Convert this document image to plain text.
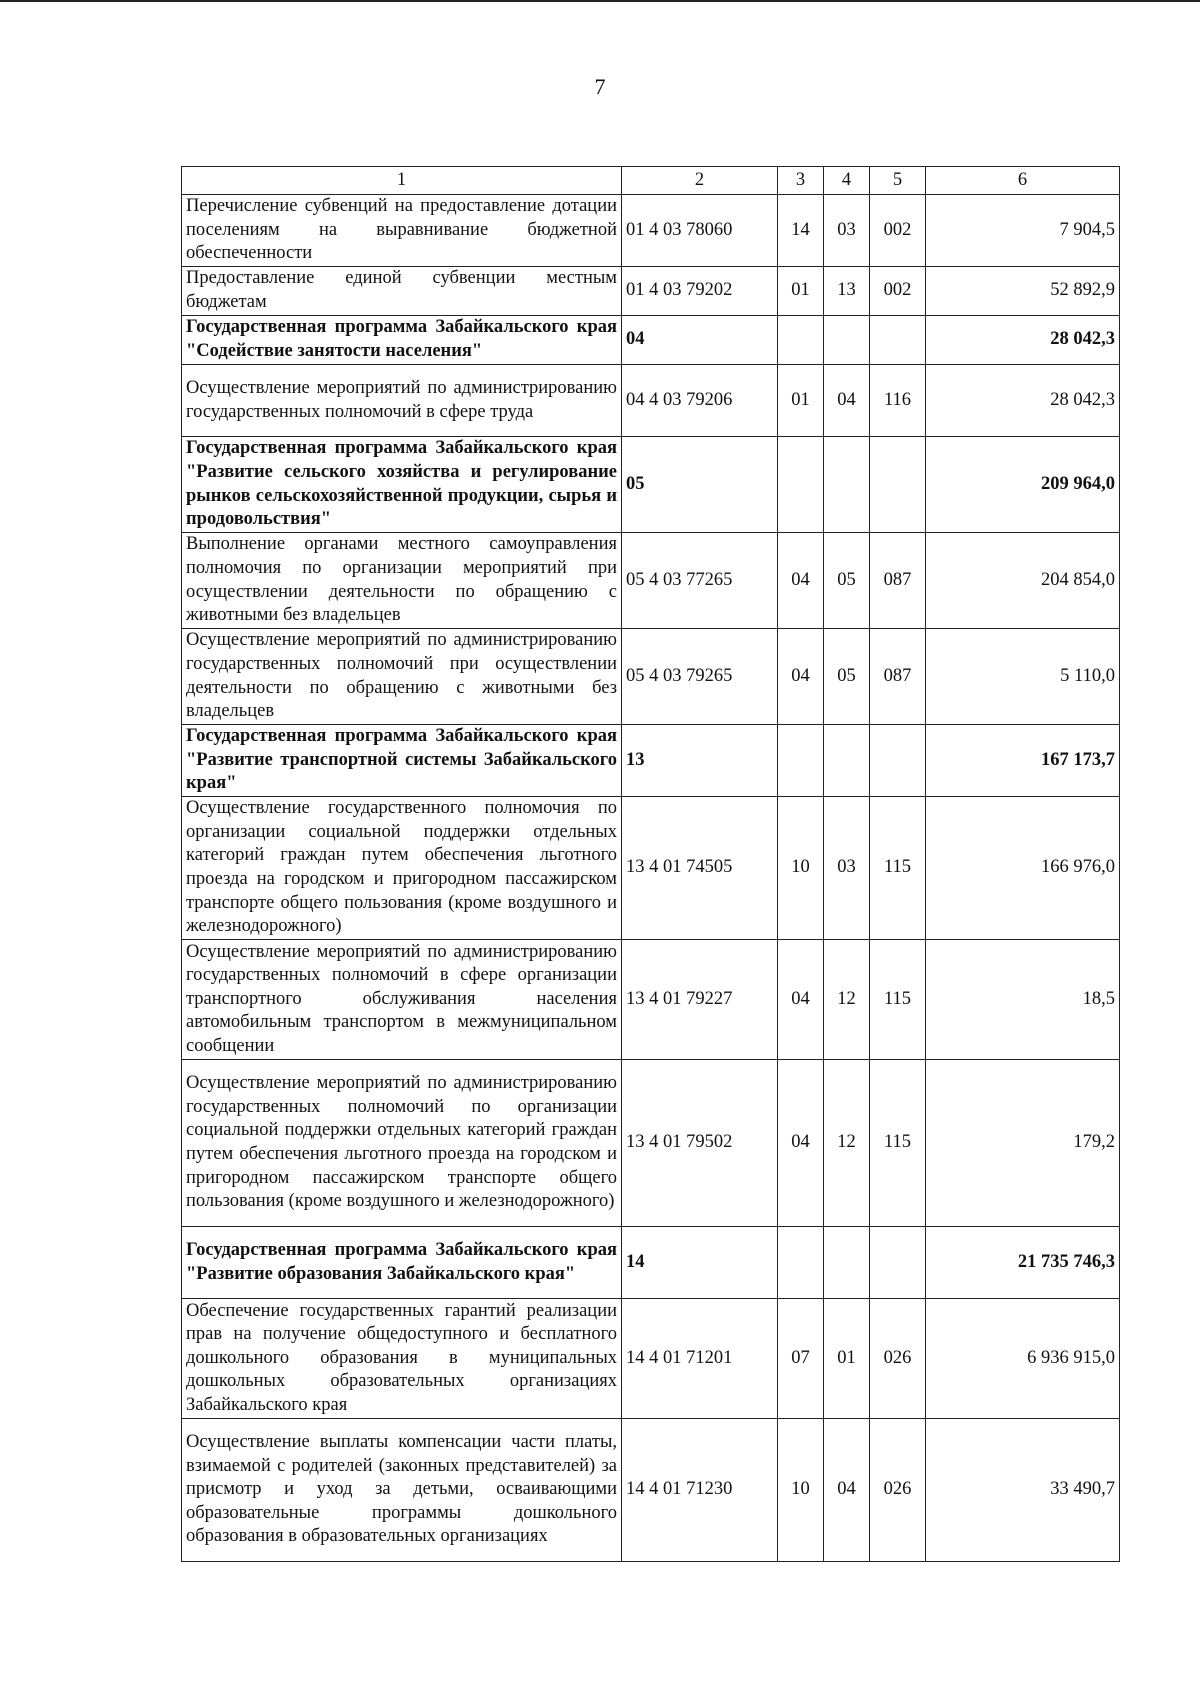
7
1	2	3	4	5	6
Перечисление субвенций на предоставление дотации поселениям на выравнивание бюджетной обеспеченности	01 4 03 78060	14	03	002	7 904,5
Предоставление единой субвенции местным бюджетам	01 4 03 79202	01	13	002	52 892,9
Государственная программа Забайкальского края "Содействие занятости населения"	04				28 042,3
Осуществление мероприятий по администрированию государственных полномочий в сфере труда	04 4 03 79206	01	04	116	28 042,3
Государственная программа Забайкальского края "Развитие сельского хозяйства и регулирование рынков сельскохозяйственной продукции, сырья и продовольствия"	05				209 964,0
Выполнение органами местного самоуправления полномочия по организации мероприятий при осуществлении деятельности по обращению с животными без владельцев	05 4 03 77265	04	05	087	204 854,0
Осуществление мероприятий по администрированию государственных полномочий при осуществлении деятельности по обращению с животными без владельцев	05 4 03 79265	04	05	087	5 110,0
Государственная программа Забайкальского края "Развитие транспортной системы Забайкальского края"	13				167 173,7
Осуществление государственного полномочия по организации социальной поддержки отдельных категорий граждан путем обеспечения льготного проезда на городском и пригородном пассажирском транспорте общего пользования (кроме воздушного и железнодорожного)	13 4 01 74505	10	03	115	166 976,0
Осуществление мероприятий по администрированию государственных полномочий в сфере организации транспортного обслуживания населения автомобильным транспортом в межмуниципальном сообщении	13 4 01 79227	04	12	115	18,5
Осуществление мероприятий по администрированию государственных полномочий по организации социальной поддержки отдельных категорий граждан путем обеспечения льготного проезда на городском и пригородном пассажирском транспорте общего пользования (кроме воздушного и железнодорожного)	13 4 01 79502	04	12	115	179,2
Государственная программа Забайкальского края "Развитие образования Забайкальского края"	14				21 735 746,3
Обеспечение государственных гарантий реализации прав на получение общедоступного и бесплатного дошкольного образования в муниципальных дошкольных образовательных организациях Забайкальского края	14 4 01 71201	07	01	026	6 936 915,0
Осуществление выплаты компенсации части платы, взимаемой с родителей (законных представителей) за присмотр и уход за детьми, осваивающими образовательные программы дошкольного образования в образовательных организациях	14 4 01 71230	10	04	026	33 490,7
